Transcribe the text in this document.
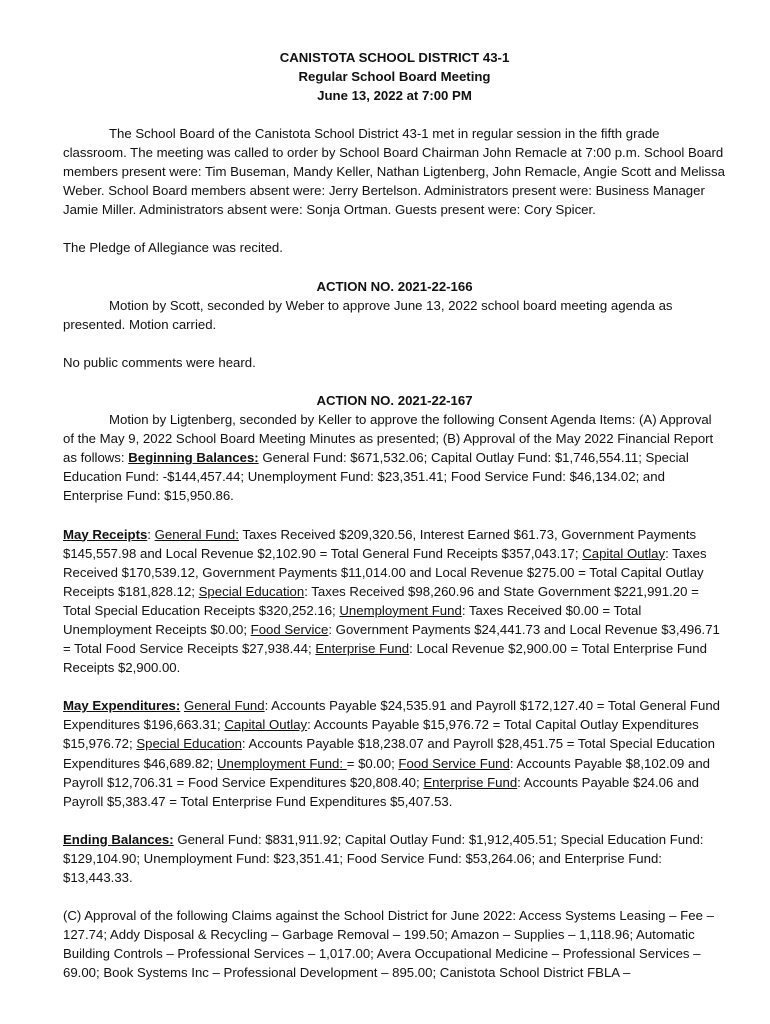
CANISTOTA SCHOOL DISTRICT 43-1
Regular School Board Meeting
June 13, 2022 at 7:00 PM

The School Board of the Canistota School District 43-1 met in regular session in the fifth grade classroom. The meeting was called to order by School Board Chairman John Remacle at 7:00 p.m. School Board members present were: Tim Buseman, Mandy Keller, Nathan Ligtenberg, John Remacle, Angie Scott and Melissa Weber. School Board members absent were: Jerry Bertelson. Administrators present were: Business Manager Jamie Miller. Administrators absent were: Sonja Ortman. Guests present were: Cory Spicer.

The Pledge of Allegiance was recited.

ACTION NO. 2021-22-166

Motion by Scott, seconded by Weber to approve June 13, 2022 school board meeting agenda as presented. Motion carried.

No public comments were heard.

ACTION NO. 2021-22-167

Motion by Ligtenberg, seconded by Keller to approve the following Consent Agenda Items: (A) Approval of the May 9, 2022 School Board Meeting Minutes as presented; (B) Approval of the May 2022 Financial Report as follows: Beginning Balances: General Fund: $671,532.06; Capital Outlay Fund: $1,746,554.11; Special Education Fund: -$144,457.44; Unemployment Fund: $23,351.41; Food Service Fund: $46,134.02; and Enterprise Fund: $15,950.86.

May Receipts: General Fund: Taxes Received $209,320.56, Interest Earned $61.73, Government Payments $145,557.98 and Local Revenue $2,102.90 = Total General Fund Receipts $357,043.17; Capital Outlay: Taxes Received $170,539.12, Government Payments $11,014.00 and Local Revenue $275.00 = Total Capital Outlay Receipts $181,828.12; Special Education: Taxes Received $98,260.96 and State Government $221,991.20 = Total Special Education Receipts $320,252.16; Unemployment Fund: Taxes Received $0.00 = Total Unemployment Receipts $0.00; Food Service: Government Payments $24,441.73 and Local Revenue $3,496.71 = Total Food Service Receipts $27,938.44; Enterprise Fund: Local Revenue $2,900.00 = Total Enterprise Fund Receipts $2,900.00.

May Expenditures: General Fund: Accounts Payable $24,535.91 and Payroll $172,127.40 = Total General Fund Expenditures $196,663.31; Capital Outlay: Accounts Payable $15,976.72 = Total Capital Outlay Expenditures $15,976.72; Special Education: Accounts Payable $18,238.07 and Payroll $28,451.75 = Total Special Education Expenditures $46,689.82; Unemployment Fund: = $0.00; Food Service Fund: Accounts Payable $8,102.09 and Payroll $12,706.31 = Food Service Expenditures $20,808.40; Enterprise Fund: Accounts Payable $24.06 and Payroll $5,383.47 = Total Enterprise Fund Expenditures $5,407.53.

Ending Balances: General Fund: $831,911.92; Capital Outlay Fund: $1,912,405.51; Special Education Fund: $129,104.90; Unemployment Fund: $23,351.41; Food Service Fund: $53,264.06; and Enterprise Fund: $13,443.33.

(C) Approval of the following Claims against the School District for June 2022: Access Systems Leasing – Fee – 127.74; Addy Disposal & Recycling – Garbage Removal – 199.50; Amazon – Supplies – 1,118.96; Automatic Building Controls – Professional Services – 1,017.00; Avera Occupational Medicine – Professional Services – 69.00; Book Systems Inc – Professional Development – 895.00; Canistota School District FBLA –
